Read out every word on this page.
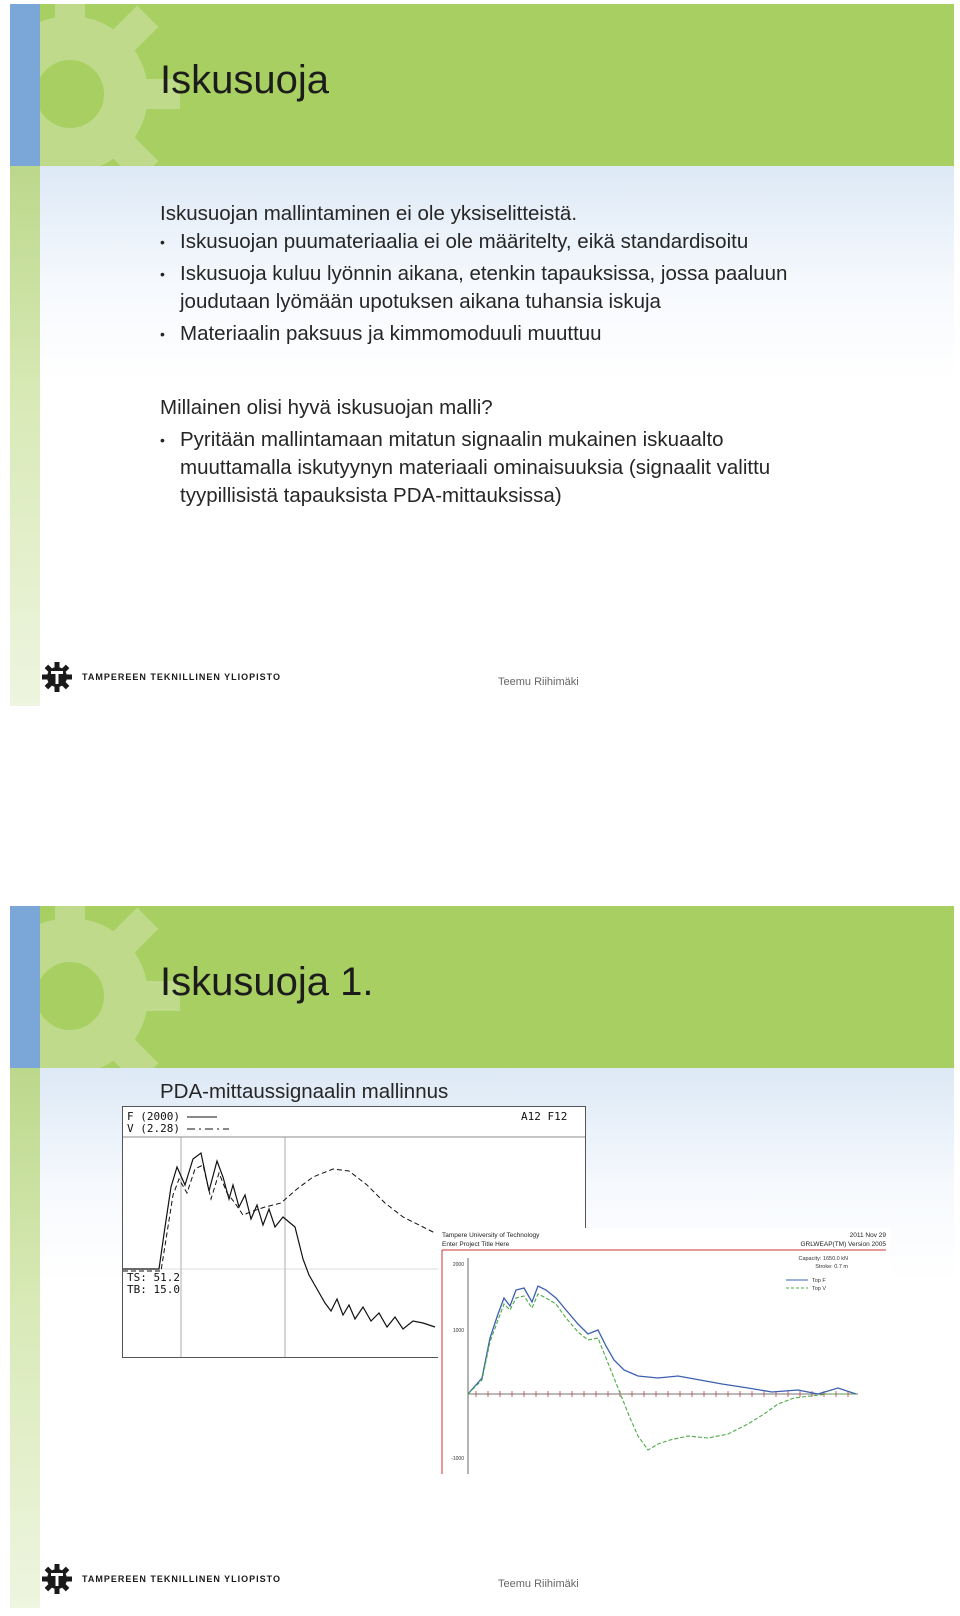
Iskusuoja

Iskusuojan mallintaminen ei ole yksiselitteistä.

• Iskusuojan puumateriaalia ei ole määritelty, eikä standardisoitu
• Iskusuoja kuluu lyönnin aikana, etenkin tapauksissa, jossa paaluun joudutaan lyömään upotuksen aikana tuhansia iskuja
• Materiaalin paksuus ja kimmomoduuli muuttuu

Millainen olisi hyvä iskusuojan malli?

• Pyritään mallintamaan mitatun signaalin mukainen iskuaalto muuttamalla iskutyynyn materiaali ominaisuuksia (signaalit valittu tyypillisistä tapauksista PDA-mittauksissa)
TAMPEREEN TEKNILLINEN YLIOPISTO	Teemu Riihimäki
Iskusuoja 1.
PDA-mittaussignaalin mallinnus
F (2000)
V (2.28)
A12 F12
TS: 51.2
TB: 15.0
Tampere University of Technology
Enter Project Title Here
2011 Nov 29
GRLWEAP(TM) Version 2005
Capacity: 1650.0 kN
Stroke: 0.7 m
Top F
Top V
2000
1000
-1000
TAMPEREEN TEKNILLINEN YLIOPISTO	Teemu Riihimäki
